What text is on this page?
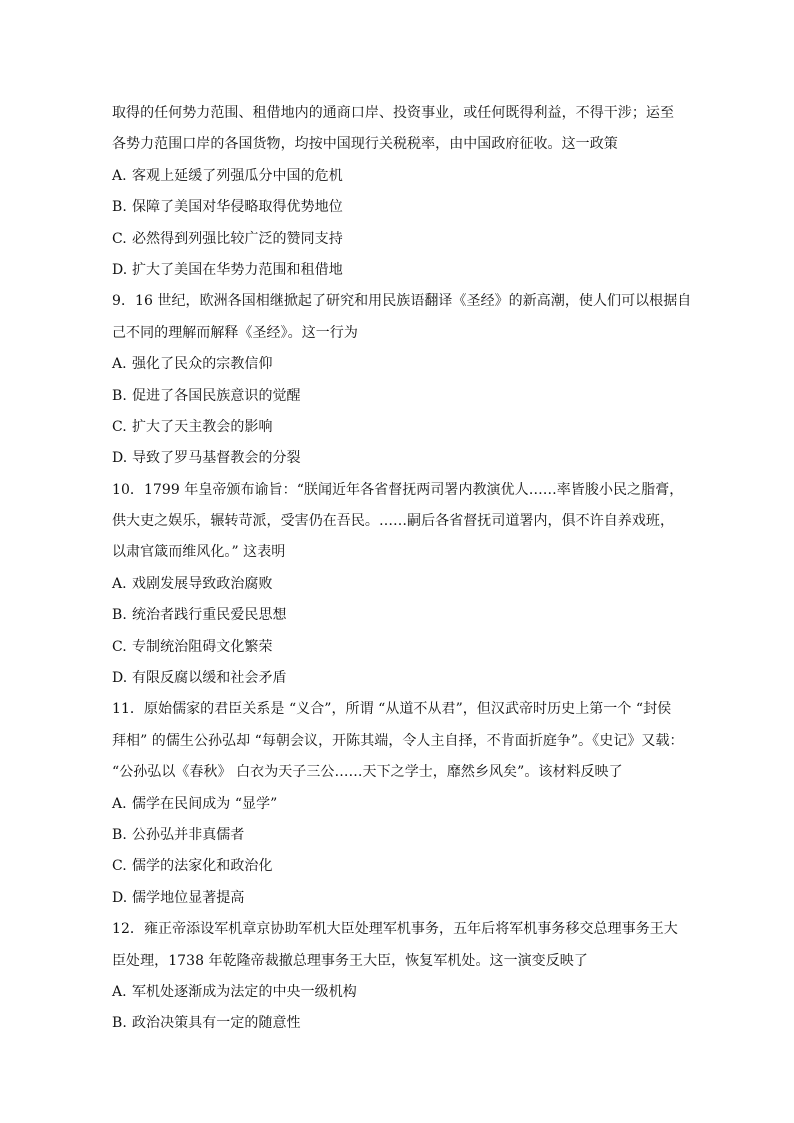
取得的任何势力范围、租借地内的通商口岸、投资事业，或任何既得利益，不得干涉；运至
各势力范围口岸的各国货物，均按中国现行关税税率，由中国政府征收。这一政策
A. 客观上延缓了列强瓜分中国的危机
B. 保障了美国对华侵略取得优势地位
C. 必然得到列强比较广泛的赞同支持
D. 扩大了美国在华势力范围和租借地
9．16 世纪，欧洲各国相继掀起了研究和用民族语翻译《圣经》的新高潮，使人们可以根据自
己不同的理解而解释《圣经》。这一行为
A. 强化了民众的宗教信仰
B. 促进了各国民族意识的觉醒
C. 扩大了天主教会的影响
D. 导致了罗马基督教会的分裂
10．1799 年皇帝颁布谕旨：“朕闻近年各省督抚两司署内教演优人……率皆朘小民之脂膏，
供大吏之娱乐，辗转苛派，受害仍在吾民。……嗣后各省督抚司道署内，俱不许自养戏班，
以肃官箴而维风化。” 这表明
A. 戏剧发展导致政治腐败
B. 统治者践行重民爱民思想
C. 专制统治阻碍文化繁荣
D. 有限反腐以缓和社会矛盾
11．原始儒家的君臣关系是 “义合”，所谓 “从道不从君”，但汉武帝时历史上第一个 “封侯
拜相” 的儒生公孙弘却 “每朝会议，开陈其端，令人主自择，不肯面折庭争”。《史记》又载：
“公孙弘以《春秋》 白衣为天子三公……天下之学士，靡然乡风矣”。该材料反映了
A. 儒学在民间成为 “显学”
B. 公孙弘并非真儒者
C. 儒学的法家化和政治化
D. 儒学地位显著提高
12．雍正帝添设军机章京协助军机大臣处理军机事务，五年后将军机事务移交总理事务王大
臣处理，1738 年乾隆帝裁撤总理事务王大臣，恢复军机处。这一演变反映了
A. 军机处逐渐成为法定的中央一级机构
B. 政治决策具有一定的随意性
